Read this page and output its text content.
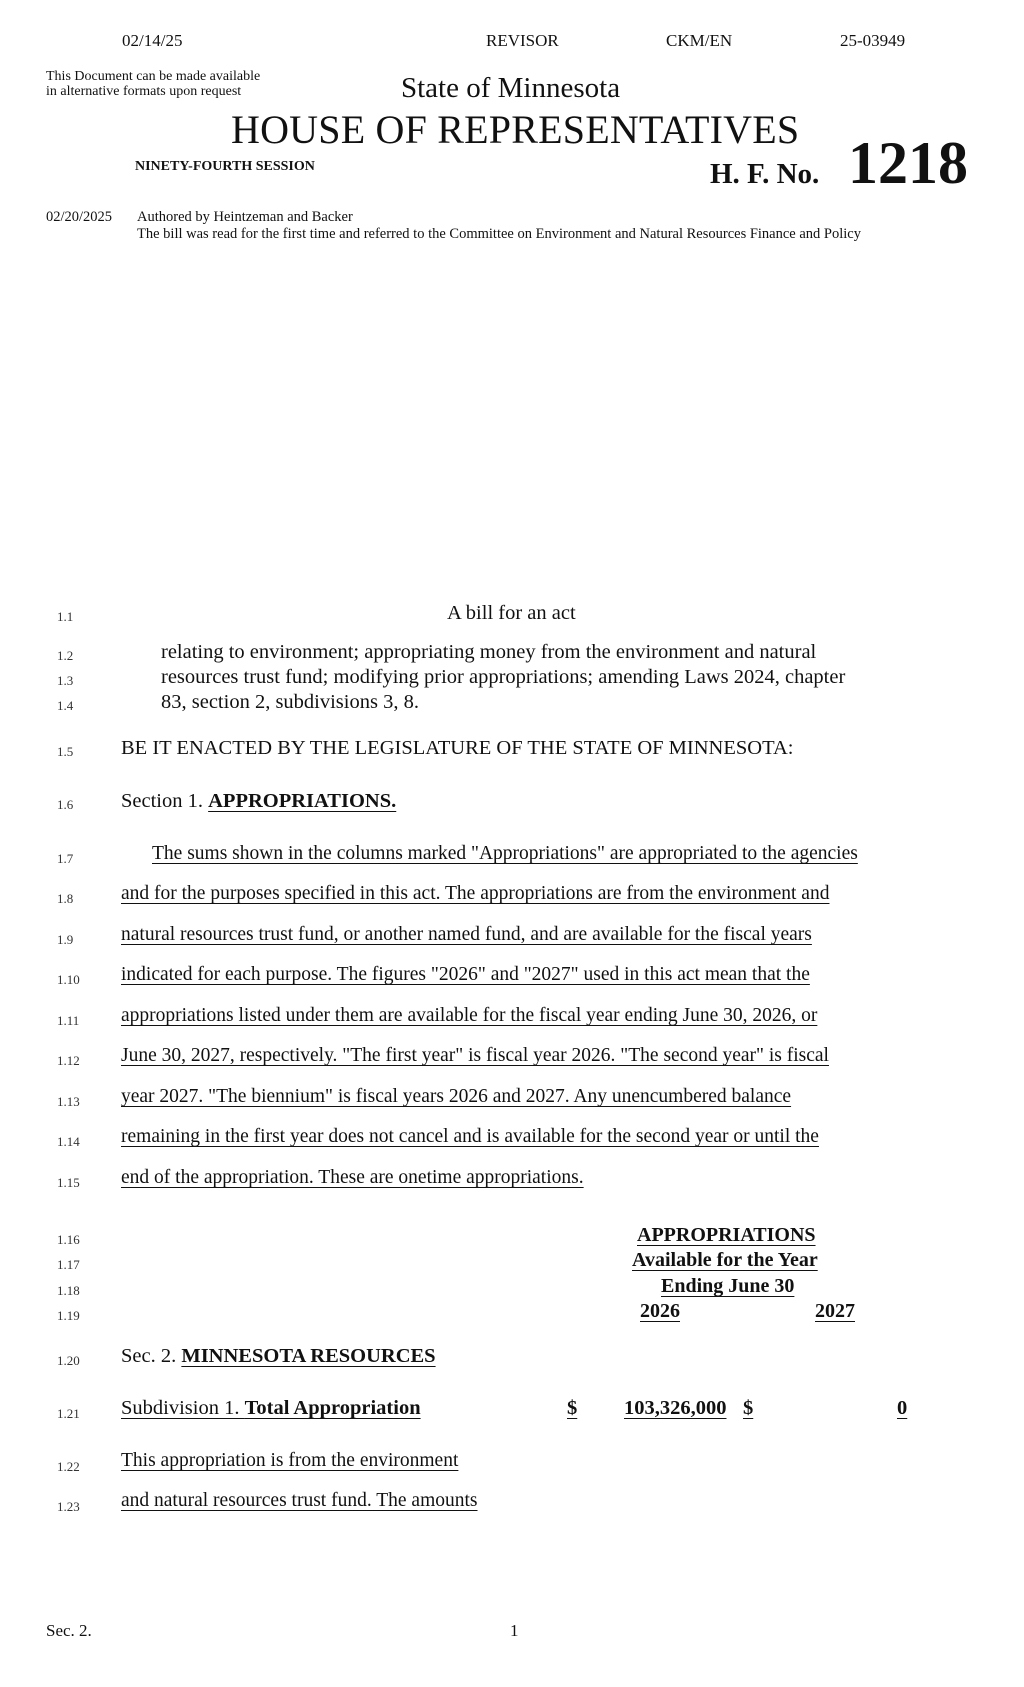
02/14/25	REVISOR	CKM/EN	25-03949
This Document can be made available
in alternative formats upon request	State of Minnesota
HOUSE OF REPRESENTATIVES
NINETY-FOURTH SESSION	H. F. No. 1218
02/20/2025 Authored by Heintzeman and Backer
The bill was read for the first time and referred to the Committee on Environment and Natural Resources Finance and Policy
1.1	A bill for an act
1.2	relating to environment; appropriating money from the environment and natural
1.3	resources trust fund; modifying prior appropriations; amending Laws 2024, chapter
1.4	83, section 2, subdivisions 3, 8.
1.5	BE IT ENACTED BY THE LEGISLATURE OF THE STATE OF MINNESOTA:
1.6	Section 1. APPROPRIATIONS.
1.7	The sums shown in the columns marked "Appropriations" are appropriated to the agencies
1.8	and for the purposes specified in this act. The appropriations are from the environment and
1.9	natural resources trust fund, or another named fund, and are available for the fiscal years
1.10	indicated for each purpose. The figures "2026" and "2027" used in this act mean that the
1.11	appropriations listed under them are available for the fiscal year ending June 30, 2026, or
1.12	June 30, 2027, respectively. "The first year" is fiscal year 2026. "The second year" is fiscal
1.13	year 2027. "The biennium" is fiscal years 2026 and 2027. Any unencumbered balance
1.14	remaining in the first year does not cancel and is available for the second year or until the
1.15	end of the appropriation. These are onetime appropriations.
1.16	APPROPRIATIONS
1.17	Available for the Year
1.18	Ending June 30
1.19	2026	2027
1.20	Sec. 2. MINNESOTA RESOURCES
1.21	Subdivision 1. Total Appropriation	$ 103,326,000 $	0
1.22	This appropriation is from the environment
1.23	and natural resources trust fund. The amounts
Sec. 2.	1
